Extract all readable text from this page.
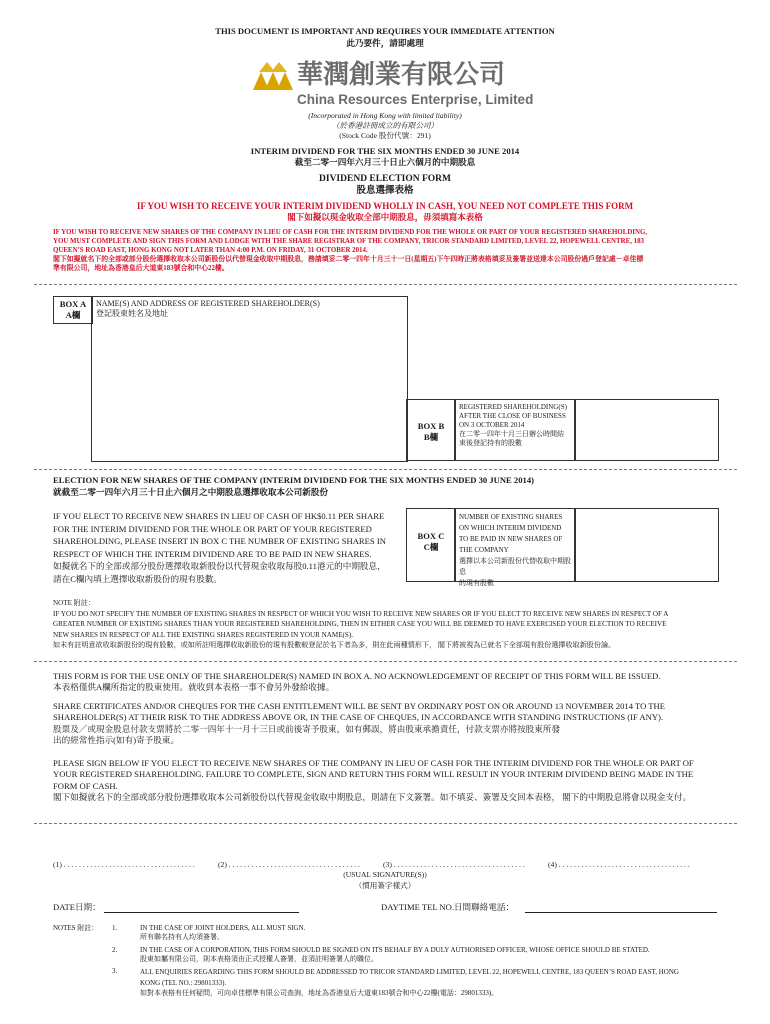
THIS DOCUMENT IS IMPORTANT AND REQUIRES YOUR IMMEDIATE ATTENTION
此乃要件，請即處理
華潤創業有限公司
China Resources Enterprise, Limited
(Incorporated in Hong Kong with limited liability)
（於香港註冊成立的有限公司）
(Stock Code 股份代號：291)
INTERIM DIVIDEND FOR THE SIX MONTHS ENDED 30 JUNE 2014
截至二零一四年六月三十日止六個月的中期股息
DIVIDEND ELECTION FORM
股息選擇表格
IF YOU WISH TO RECEIVE YOUR INTERIM DIVIDEND WHOLLY IN CASH, YOU NEED NOT COMPLETE THIS FORM
閣下如擬以現金收取全部中期股息，毋須填寫本表格
IF YOU WISH TO RECEIVE NEW SHARES OF THE COMPANY IN LIEU OF CASH FOR THE INTERIM DIVIDEND FOR THE WHOLE OR PART OF YOUR REGISTERED SHAREHOLDING,
YOU MUST COMPLETE AND SIGN THIS FORM AND LODGE WITH THE SHARE REGISTRAR OF THE COMPANY, TRICOR STANDARD LIMITED, LEVEL 22, HOPEWELL CENTRE, 183
QUEEN’S ROAD EAST, HONG KONG NOT LATER THAN 4:00 P.M. ON FRIDAY, 31 OCTOBER 2014.
閣下如擬就名下的全部或部分股份選擇收取本公司新股份以代替現金收取中期股息，務請填妥二零一四年十月三十一日(星期五)下午四時正將表格填妥及簽署並送達本公司股份過戶登記處－卓佳標
準有限公司，地址為香港皇后大道東183號合和中心22樓。
BOX A
A欄
NAME(S) AND ADDRESS OF REGISTERED SHAREHOLDER(S)
登記股東姓名及地址
BOX B
B欄
REGISTERED SHAREHOLDING(S)
AFTER THE CLOSE OF BUSINESS
ON 3 OCTOBER 2014
在二零一四年十月三日辦公時間結
束後登記持有的股數
ELECTION FOR NEW SHARES OF THE COMPANY (INTERIM DIVIDEND FOR THE SIX MONTHS ENDED 30 JUNE 2014)
就截至二零一四年六月三十日止六個月之中期股息選擇收取本公司新股份
IF YOU ELECT TO RECEIVE NEW SHARES IN LIEU OF CASH OF HK$0.11 PER SHARE
FOR THE INTERIM DIVIDEND FOR THE WHOLE OR PART OF YOUR REGISTERED
SHAREHOLDING, PLEASE INSERT IN BOX C THE NUMBER OF EXISTING SHARES IN
RESPECT OF WHICH THE INTERIM DIVIDEND ARE TO BE PAID IN NEW SHARES.
如擬就名下的全部或部分股份選擇收取新股份以代替現金收取每股0.11港元的中期股息，
請在C欄內填上選擇收取新股份的現有股數。
BOX C
C欄
NUMBER OF EXISTING SHARES
ON WHICH INTERIM DIVIDEND
TO BE PAID IN NEW SHARES OF
THE COMPANY
選擇以本公司新股份代替收取中期股息
的現有股數
NOTE 附註：
IF YOU DO NOT SPECIFY THE NUMBER OF EXISTING SHARES IN RESPECT OF WHICH YOU WISH TO RECEIVE NEW SHARES OR IF YOU ELECT TO RECEIVE NEW SHARES IN RESPECT OF A
GREATER NUMBER OF EXISTING SHARES THAN YOUR REGISTERED SHAREHOLDING, THEN IN EITHER CASE YOU WILL BE DEEMED TO HAVE EXERCISED YOUR ELECTION TO RECEIVE
NEW SHARES IN RESPECT OF ALL THE EXISTING SHARES REGISTERED IN YOUR NAME(S).
如未有註明意欲收取新股份的現有股數，或如所註明選擇收取新股份的現有股數較登記於名下者為多，則在此兩種情形下， 閣下將被視為已就名下全部現有股份選擇收取新股份論。
THIS FORM IS FOR THE USE ONLY OF THE SHAREHOLDER(S) NAMED IN BOX A. NO ACKNOWLEDGEMENT OF RECEIPT OF THIS FORM WILL BE ISSUED.
本表格僅供A欄所指定的股東使用。就收到本表格一事不會另外發給收據。
SHARE CERTIFICATES AND/OR CHEQUES FOR THE CASH ENTITLEMENT WILL BE SENT BY ORDINARY POST ON OR AROUND 13 NOVEMBER 2014 TO THE
SHAREHOLDER(S) AT THEIR RISK TO THE ADDRESS ABOVE OR, IN THE CASE OF CHEQUES, IN ACCORDANCE WITH STANDING INSTRUCTIONS (IF ANY).
股票及／或現金股息付款支票將於二零一四年十一月十三日或前後寄予股東，如有郵誤，將由股東承擔責任，付款支票亦將按股東所發
出的經常性指示(如有)寄予股東。
PLEASE SIGN BELOW IF YOU ELECT TO RECEIVE NEW SHARES OF THE COMPANY IN LIEU OF CASH FOR THE INTERIM DIVIDEND FOR THE WHOLE OR PART OF
YOUR REGISTERED SHAREHOLDING. FAILURE TO COMPLETE, SIGN AND RETURN THIS FORM WILL RESULT IN YOUR INTERIM DIVIDEND BEING MADE IN THE
FORM OF CASH.
閣下如擬就名下的全部或部分股份選擇收取本公司新股份以代替現金收取中期股息，則請在下文簽署。如不填妥、簽署及交回本表格， 閣下的中期股息將會以現金支付。
(1) . . . . . . . . . . . . . . . . . . . . . . . . . . . . . . . . . . .	(2) . . . . . . . . . . . . . . . . . . . . . . . . . . . . . . . . . . .	(3) . . . . . . . . . . . . . . . . . . . . . . . . . . . . . . . . . . .	(4) . . . . . . . . . . . . . . . . . . . . . . . . . . . . . . . . . . .
(USUAL SIGNATURE(S))
（慣用簽字樣式）
DATE日期：	DAYTIME TEL NO.日間聯絡電話：
NOTES 附註： 1.	IN THE CASE OF JOINT HOLDERS, ALL MUST SIGN.
所有聯名持有人均須簽署。
2.	IN THE CASE OF A CORPORATION, THIS FORM SHOULD BE SIGNED ON ITS BEHALF BY A DULY AUTHORISED OFFICER, WHOSE OFFICE SHOULD BE STATED.
股東如屬有限公司，則本表格須由正式授權人簽署，並須註明簽署人的職位。
3.	ALL ENQUIRIES REGARDING THIS FORM SHOULD BE ADDRESSED TO TRICOR STANDARD LIMITED, LEVEL 22, HOPEWELL CENTRE, 183 QUEEN’S ROAD EAST, HONG
KONG (TEL NO.: 29801333).
如對本表格有任何疑問，可向卓佳標準有限公司查詢，地址為香港皇后大道東183號合和中心22樓(電話：29801333)。
